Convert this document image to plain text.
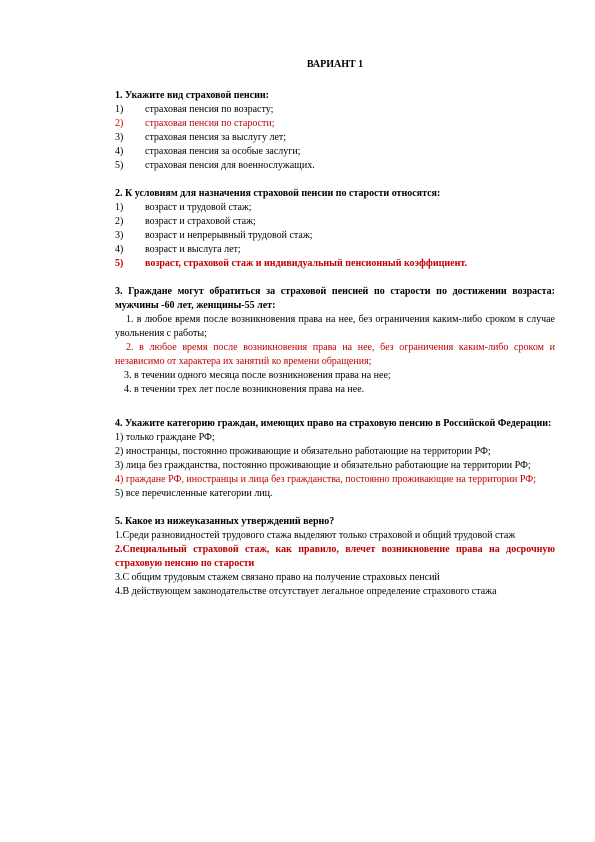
ВАРИАНТ 1

1. Укажите вид страховой пенсии:

1)	страховая пенсия по возрасту;
2)	страховая пенсия по старости;
3)	страховая пенсия за выслугу лет;
4)	страховая пенсия за особые заслуги;
5)	страховая пенсия для военнослужащих.

2. К условиям для назначения страховой пенсии по старости относятся:

1)	возраст и трудовой стаж;
2)	возраст и страховой стаж;
3)	возраст и непрерывный трудовой стаж;
4)	возраст и выслуга лет;
5)	возраст, страховой стаж и индивидуальный пенсионный коэффициент.

3. Граждане могут обратиться за страховой пенсией по старости по достижении возраста: мужчины -60 лет, женщины-55 лет:

1. в любое время после возникновения права на нее, без ограничения каким-либо сроком в случае увольнения с работы;

2. в любое время после возникновения права на нее, без ограничения каким-либо сроком и независимо от характера их занятий ко времени обращения;

3. в течении одного месяца после возникновения права на нее;

4. в течении трех лет после возникновения права на нее.

4. Укажите категорию граждан, имеющих право на страховую пенсию в Российской Федерации:

1) только граждане РФ;

2) иностранцы, постоянно проживающие и обязательно работающие на территории РФ;

3) лица без гражданства, постоянно проживающие и обязательно работающие на территории РФ;

4) граждане РФ, иностранцы и лица без гражданства, постоянно проживающие на территории РФ;

5) все перечисленные категории лиц.

5. Какое из нижеуказанных утверждений верно?

1.Среди разновидностей трудового стажа выделяют только страховой и общий трудовой стаж

2.Специальный страховой стаж, как правило, влечет возникновение права на досрочную страховую пенсию по старости

3.С общим трудовым стажем связано право на получение страховых пенсий

4.В действующем законодательстве отсутствует легальное определение страхового стажа
